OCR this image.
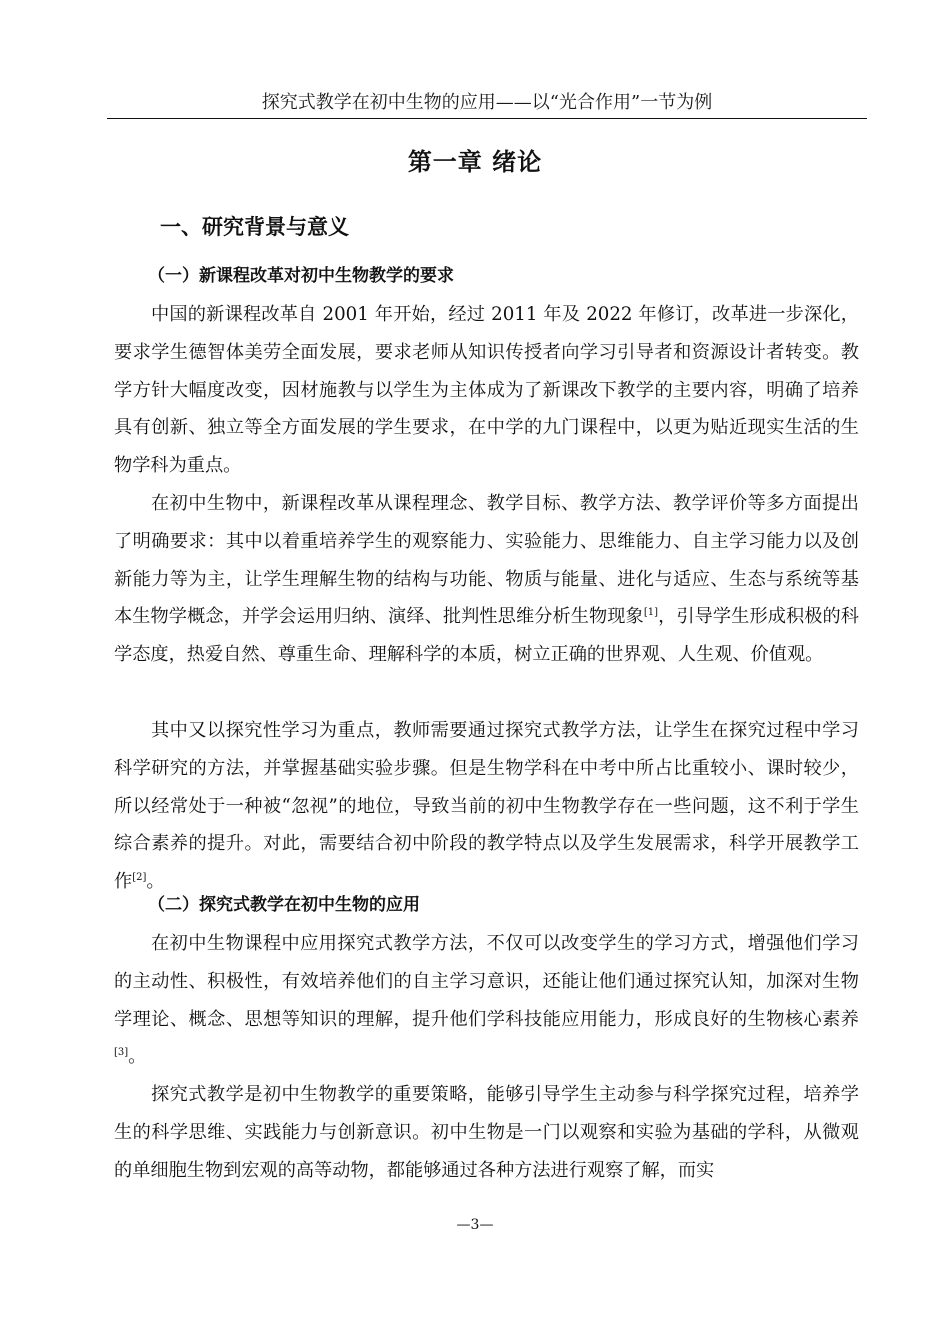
探究式教学在初中生物的应用——以“光合作用”一节为例
第一章 绪论
一、研究背景与意义
（一）新课程改革对初中生物教学的要求

中国的新课程改革自 2001 年开始，经过 2011 年及 2022 年修订，改革进一步深化，要求学生德智体美劳全面发展，要求老师从知识传授者向学习引导者和资源设计者转变。教学方针大幅度改变，因材施教与以学生为主体成为了新课改下教学的主要内容，明确了培养具有创新、独立等全方面发展的学生要求，在中学的九门课程中，以更为贴近现实生活的生物学科为重点。

在初中生物中，新课程改革从课程理念、教学目标、教学方法、教学评价等多方面提出了明确要求：其中以着重培养学生的观察能力、实验能力、思维能力、自主学习能力以及创新能力等为主，让学生理解生物的结构与功能、物质与能量、进化与适应、生态与系统等基本生物学概念，并学会运用归纳、演绎、批判性思维分析生物现象[1]，引导学生形成积极的科学态度，热爱自然、尊重生命、理解科学的本质，树立正确的世界观、人生观、价值观。

其中又以探究性学习为重点，教师需要通过探究式教学方法，让学生在探究过程中学习科学研究的方法，并掌握基础实验步骤。但是生物学科在中考中所占比重较小、课时较少，所以经常处于一种被“忽视”的地位，导致当前的初中生物教学存在一些问题，这不利于学生综合素养的提升。对此，需要结合初中阶段的教学特点以及学生发展需求，科学开展教学工作[2]。

（二）探究式教学在初中生物的应用

在初中生物课程中应用探究式教学方法，不仅可以改变学生的学习方式，增强他们学习的主动性、积极性，有效培养他们的自主学习意识，还能让他们通过探究认知，加深对生物学理论、概念、思想等知识的理解，提升他们学科技能应用能力，形成良好的生物核心素养[3]。

探究式教学是初中生物教学的重要策略，能够引导学生主动参与科学探究过程，培养学生的科学思维、实践能力与创新意识。初中生物是一门以观察和实验为基础的学科，从微观的单细胞生物到宏观的高等动物，都能够通过各种方法进行观察了解，而实

—3—
